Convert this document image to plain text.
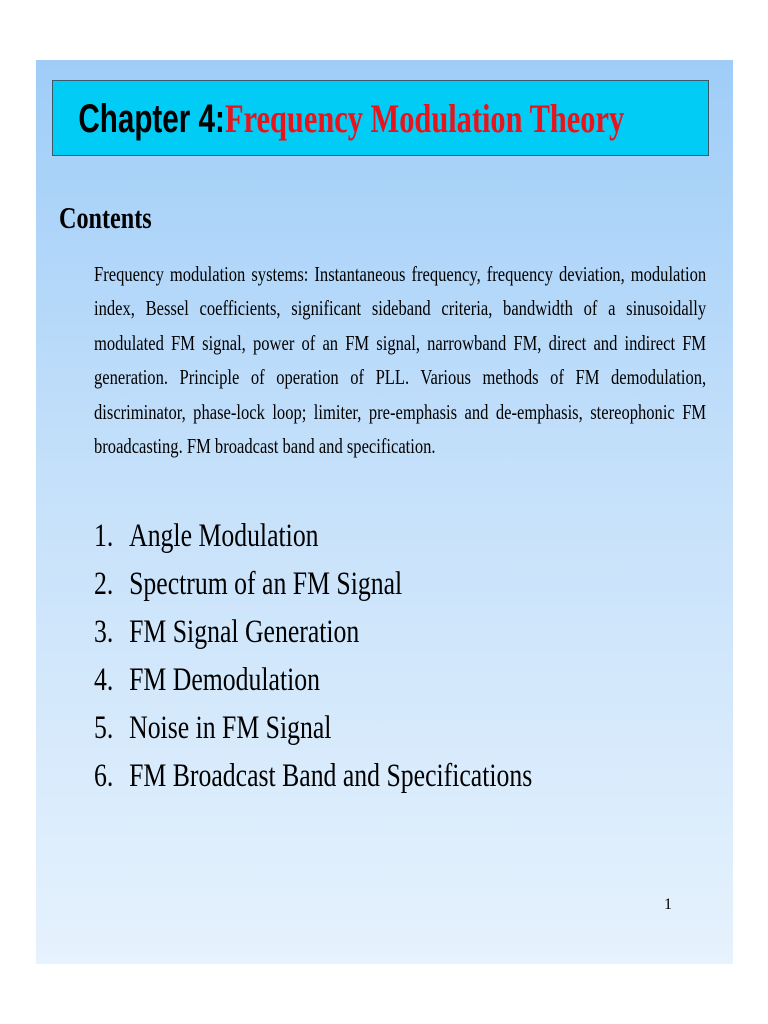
Chapter 4:Frequency Modulation Theory
Contents

Frequency modulation systems: Instantaneous frequency, frequency deviation, modulation index, Bessel coefficients, significant sideband criteria, bandwidth of a sinusoidally modulated FM signal, power of an FM signal, narrowband FM, direct and indirect FM generation. Principle of operation of PLL. Various methods of FM demodulation, discriminator, phase-lock loop; limiter, pre-emphasis and de-emphasis, stereophonic FM broadcasting. FM broadcast band and specification.

1. Angle Modulation
2. Spectrum of an FM Signal
3. FM Signal Generation
4. FM Demodulation
5. Noise in FM Signal
6. FM Broadcast Band and Specifications
1
